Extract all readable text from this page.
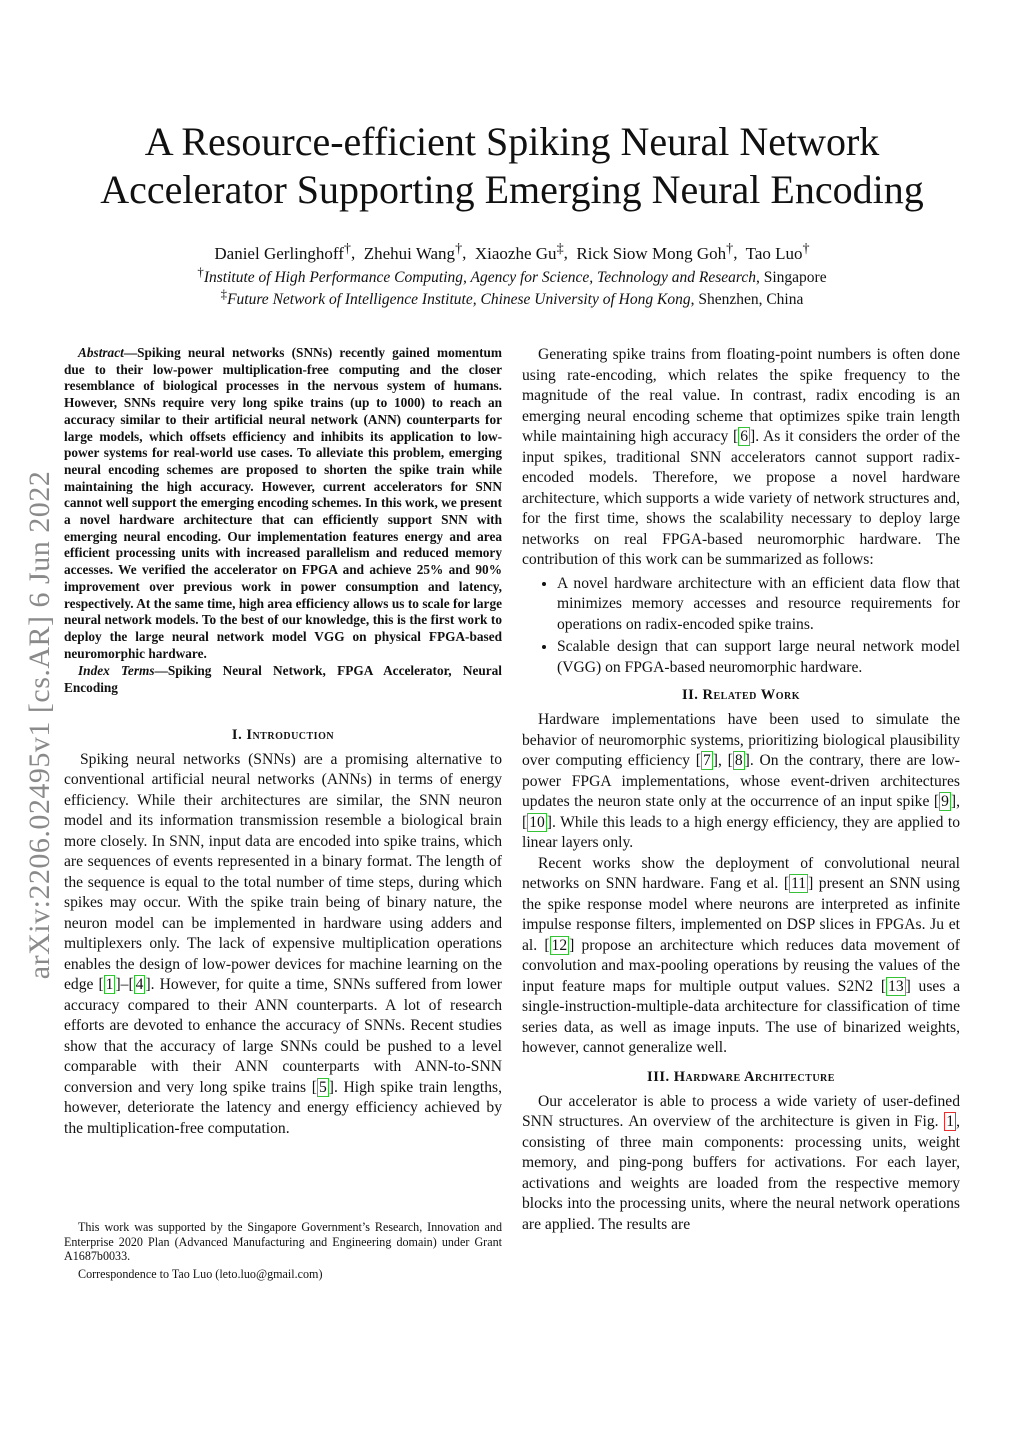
A Resource-efficient Spiking Neural Network
Accelerator Supporting Emerging Neural Encoding
Daniel Gerlinghoff†,  Zhehui Wang†,  Xiaozhe Gu‡,  Rick Siow Mong Goh†,  Tao Luo†
†Institute of High Performance Computing, Agency for Science, Technology and Research, Singapore
‡Future Network of Intelligence Institute, Chinese University of Hong Kong, Shenzhen, China
arXiv:2206.02495v1 [cs.AR] 6 Jun 2022

Abstract—Spiking neural networks (SNNs) recently gained momentum due to their low-power multiplication-free computing and the closer resemblance of biological processes in the nervous system of humans. However, SNNs require very long spike trains (up to 1000) to reach an accuracy similar to their artificial neural network (ANN) counterparts for large models, which offsets efficiency and inhibits its application to low-power systems for real-world use cases. To alleviate this problem, emerging neural encoding schemes are proposed to shorten the spike train while maintaining the high accuracy. However, current accelerators for SNN cannot well support the emerging encoding schemes. In this work, we present a novel hardware architecture that can efficiently support SNN with emerging neural encoding. Our implementation features energy and area efficient processing units with increased parallelism and reduced memory accesses. We verified the accelerator on FPGA and achieve 25% and 90% improvement over previous work in power consumption and latency, respectively. At the same time, high area efficiency allows us to scale for large neural network models. To the best of our knowledge, this is the first work to deploy the large neural network model VGG on physical FPGA-based neuromorphic hardware.

Index Terms—Spiking Neural Network, FPGA Accelerator, Neural Encoding

I. Introduction

Spiking neural networks (SNNs) are a promising alternative to conventional artificial neural networks (ANNs) in terms of energy efficiency. While their architectures are similar, the SNN neuron model and its information transmission resemble a biological brain more closely. In SNN, input data are encoded into spike trains, which are sequences of events represented in a binary format. The length of the sequence is equal to the total number of time steps, during which spikes may occur. With the spike train being of binary nature, the neuron model can be implemented in hardware using adders and multiplexers only. The lack of expensive multiplication operations enables the design of low-power devices for machine learning on the edge [ 1 ]–[ 4 ]. However, for quite a time, SNNs suffered from lower accuracy compared to their ANN counterparts. A lot of research efforts are devoted to enhance the accuracy of SNNs. Recent studies show that the accuracy of large SNNs could be pushed to a level comparable with their ANN counterparts with ANN-to-SNN conversion and very long spike trains [ 5 ]. High spike train lengths, however, deteriorate the latency and energy efficiency achieved by the multiplication-free computation.

This work was supported by the Singapore Government’s Research, Innovation and Enterprise 2020 Plan (Advanced Manufacturing and Engineering domain) under Grant A1687b0033.

Correspondence to Tao Luo (leto.luo@gmail.com)

Generating spike trains from floating-point numbers is often done using rate-encoding, which relates the spike frequency to the magnitude of the real value. In contrast, radix encoding is an emerging neural encoding scheme that optimizes spike train length while maintaining high accuracy [ 6 ]. As it considers the order of the input spikes, traditional SNN accelerators cannot support radix-encoded models. Therefore, we propose a novel hardware architecture, which supports a wide variety of network structures and, for the first time, shows the scalability necessary to deploy large networks on real FPGA-based neuromorphic hardware. The contribution of this work can be summarized as follows:

• A novel hardware architecture with an efficient data flow that minimizes memory accesses and resource requirements for operations on radix-encoded spike trains.
• Scalable design that can support large neural network model (VGG) on FPGA-based neuromorphic hardware.
II. Related Work

Hardware implementations have been used to simulate the behavior of neuromorphic systems, prioritizing biological plausibility over computing efficiency [ 7 ], [ 8 ]. On the contrary, there are low-power FPGA implementations, whose event-driven architectures updates the neuron state only at the occurrence of an input spike [ 9 ], [ 10 ]. While this leads to a high energy efficiency, they are applied to linear layers only.

Recent works show the deployment of convolutional neural networks on SNN hardware. Fang et al. [ 11 ] present an SNN using the spike response model where neurons are interpreted as infinite impulse response filters, implemented on DSP slices in FPGAs. Ju et al. [ 12 ] propose an architecture which reduces data movement of convolution and max-pooling operations by reusing the values of the input feature maps for multiple output values. S2N2 [ 13 ] uses a single-instruction-multiple-data architecture for classification of time series data, as well as image inputs. The use of binarized weights, however, cannot generalize well.

III. Hardware Architecture

Our accelerator is able to process a wide variety of user-defined SNN structures. An overview of the architecture is given in Fig. 1 , consisting of three main components: processing units, weight memory, and ping-pong buffers for activations. For each layer, activations and weights are loaded from the respective memory blocks into the processing units, where the neural network operations are applied. The results are
